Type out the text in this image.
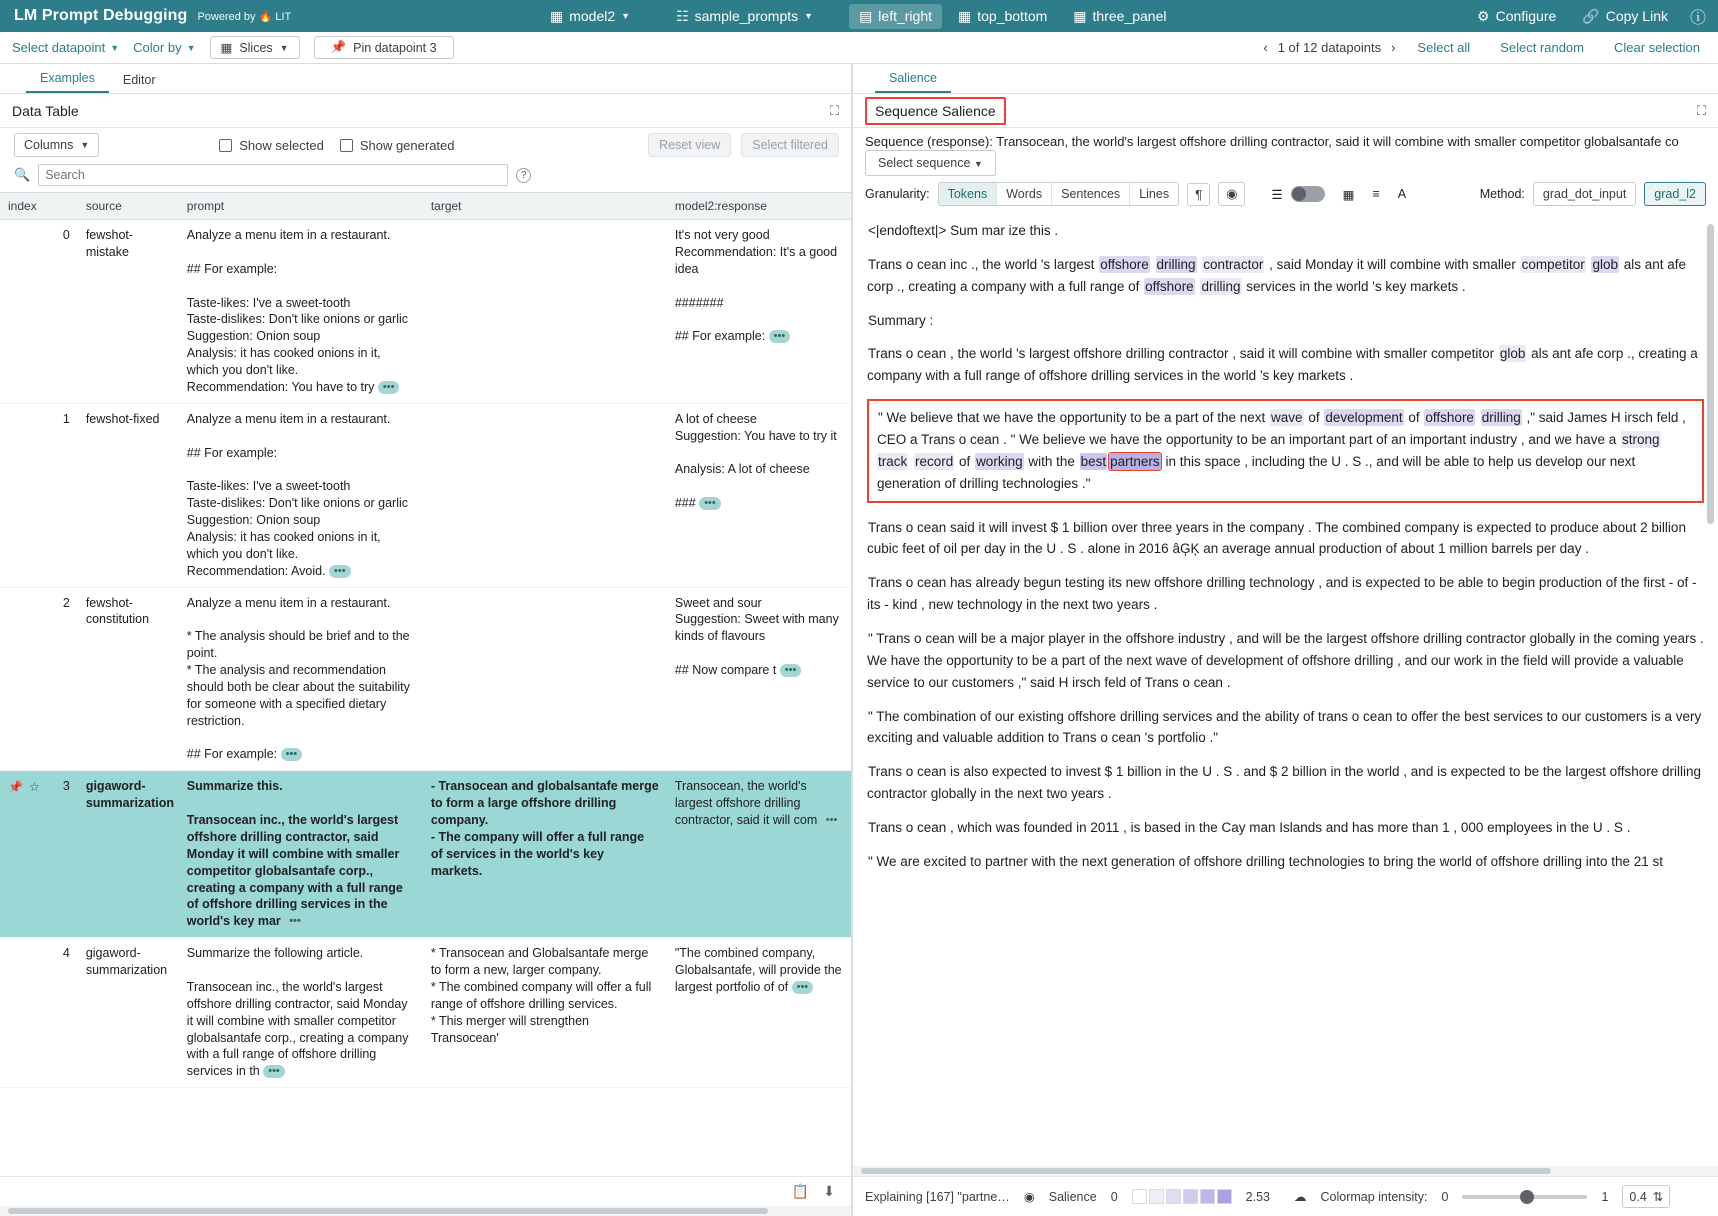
LM Prompt Debugging Powered by 🔥 LIT	▦ model2 ▼	☷ sample_prompts ▼	▤ left_right ▦ top_bottom ▦ three_panel	⚙ Configure 🔗 Copy Link ⓘ
Select datapoint ▼ Color by ▼ ▦ Slices ▼	📌 Pin datapoint 3	‹ 1 of 12 datapoints ›	Select all	Select random	Clear selection
Examples	Editor
Data Table	⛶
Columns ▼	Show selected	Show generated	Reset view	Select filtered
🔍
Search	?
index	source	prompt	target	model2:response

0	fewshot-mistake	Analyze a menu item in a restaurant.

## For example:

Taste-likes: I've a sweet-tooth
Taste-dislikes: Don't like onions or garlic
Suggestion: Onion soup
Analysis: it has cooked onions in it, which you don't like.
Recommendation: You have to try •••		It's not very good
Recommendation: It's a good idea

#######

## For example: •••

1	fewshot-fixed	Analyze a menu item in a restaurant.

## For example:

Taste-likes: I've a sweet-tooth
Taste-dislikes: Don't like onions or garlic
Suggestion: Onion soup
Analysis: it has cooked onions in it, which you don't like.
Recommendation: Avoid. •••		A lot of cheese
Suggestion: You have to try it

Analysis: A lot of cheese

### •••

2	fewshot-constitution	Analyze a menu item in a restaurant.

* The analysis should be brief and to the point.
* The analysis and recommendation should both be clear about the suitability for someone with a specified dietary restriction.

## For example: •••		Sweet and sour
Suggestion: Sweet with many kinds of flavours

## Now compare t •••

📌 ☆ 3	gigaword-summarization	Summarize this.

Transocean inc., the world's largest offshore drilling contractor, said Monday it will combine with smaller competitor globalsantafe corp., creating a company with a full range of offshore drilling services in the world's key mar •••	- Transocean and globalsantafe merge to form a large offshore drilling company.
- The company will offer a full range of services in the world's key markets.	Transocean, the world's largest offshore drilling contractor, said it will com •••

4	gigaword-summarization	Summarize the following article.

Transocean inc., the world's largest offshore drilling contractor, said Monday it will combine with smaller competitor globalsantafe corp., creating a company with a full range of offshore drilling services in th •••	* Transocean and Globalsantafe merge to form a new, larger company.
* The combined company will offer a full range of offshore drilling services.
* This merger will strengthen Transocean'	"The combined company, Globalsantafe, will provide the largest portfolio of of •••
📋 ⬇
Salience
Sequence Salience	⛶
Sequence (response): Transocean, the world's largest offshore drilling contractor, said it will combine with smaller competitor globalsantafe co
Select sequence ▼
Granularity:	Tokens	Words	Sentences	Lines	¶	◉	☰	▦ ≡ A	Method:	grad_dot_input	grad_l2

<|endoftext|> Sum mar ize this .

Trans o cean inc ., the world 's largest offshore drilling contractor , said Monday it will combine with smaller competitor glob als ant afe corp ., creating a company with a full range of offshore drilling services in the world 's key markets .

Summary :

Trans o cean , the world 's largest offshore drilling contractor , said it will combine with smaller competitor glob als ant afe corp ., creating a company with a full range of offshore drilling services in the world 's key markets .

" We believe that we have the opportunity to be a part of the next wave of development of offshore drilling ," said James H irsch feld , CEO a Trans o cean . " We believe we have the opportunity to be an important part of an important industry , and we have a strong track record of working with the best partners in this space , including the U . S ., and will be able to help us develop our next generation of drilling technologies ."

Trans o cean said it will invest $ 1 billion over three years in the company . The combined company is expected to produce about 2 billion cubic feet of oil per day in the U . S . alone in 2016 âĢĶ an average annual production of about 1 million barrels per day .

Trans o cean has already begun testing its new offshore drilling technology , and is expected to be able to begin production of the first - of - its - kind , new technology in the next two years .

" Trans o cean will be a major player in the offshore industry , and will be the largest offshore drilling contractor globally in the coming years . We have the opportunity to be a part of the next wave of development of offshore drilling , and our work in the field will provide a valuable service to our customers ," said H irsch feld of Trans o cean .

" The combination of our existing offshore drilling services and the ability of trans o cean to offer the best services to our customers is a very exciting and valuable addition to Trans o cean 's portfolio ."

Trans o cean is also expected to invest $ 1 billion in the U . S . and $ 2 billion in the world , and is expected to be the largest offshore drilling contractor globally in the next two years .

Trans o cean , which was founded in 2011 , is based in the Cay man Islands and has more than 1 , 000 employees in the U . S .

" We are excited to partner with the next generation of offshore drilling technologies to bring the world of offshore drilling into the 21 st

Explaining [167] "partne… ◉ Salience 0	2.53 ☁ Colormap intensity: 0	1 0.4 ⇅
